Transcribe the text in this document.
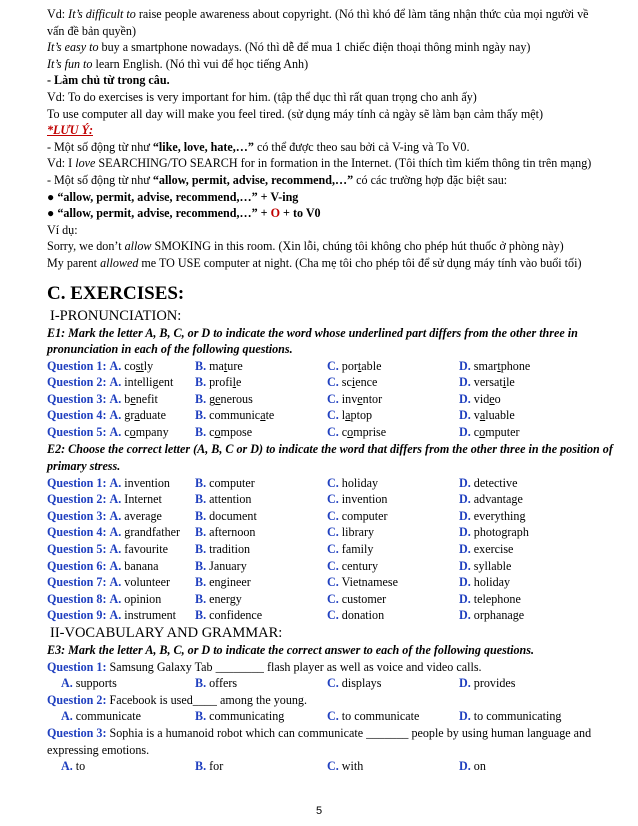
Vd: It’s difficult to raise people awareness about copyright. (Nó thì khó để làm tăng nhận thức của mọi người về
vấn đề bản quyền)
It’s easy to buy a smartphone nowadays. (Nó thì dễ để mua 1 chiếc điện thoại thông minh ngày nay)
It’s fun to learn English. (Nó thì vui để học tiếng Anh)
- Làm chủ từ trong câu.
Vd: To do exercises is very important for him. (tập thể dục thì rất quan trọng cho anh ấy)
To use computer all day will make you feel tired. (sử dụng máy tính cả ngày sẽ làm bạn cảm thấy mệt)
*LƯU Ý:
- Một số động từ như “like, love, hate,…” có thể được theo sau bởi cả V-ing và To V0.
Vd: I love SEARCHING/TO SEARCH for in formation in the Internet. (Tôi thích tìm kiếm thông tin trên mạng)
- Một số động từ như “allow, permit, advise, recommend,…” có các trường hợp đặc biệt sau:
● “allow, permit, advise, recommend,…” + V-ing
● “allow, permit, advise, recommend,…” + O + to V0
Ví dụ:
Sorry, we don’t allow SMOKING in this room. (Xin lỗi, chúng tôi không cho phép hút thuốc ở phòng này)
My parent allowed me TO USE computer at night. (Cha mẹ tôi cho phép tôi để sử dụng máy tính vào buổi tối)
C. EXERCISES:
I-PRONUNCIATION:
E1: Mark the letter A, B, C, or D to indicate the word whose underlined part differs from the other three in pronunciation in each of the following questions.
Question 1: A. costly	B. mature	C. portable	D. smartphone
Question 2: A. intelligent B. profile	C. science	D. versatile
Question 3: A. benefit	B. generous	C. inventor	D. video
Question 4: A. graduate B. communicate	C. laptop	D. valuable
Question 5: A. company B. compose	C. comprise	D. computer
E2: Choose the correct letter (A, B, C or D) to indicate the word that differs from the other three in the position of primary stress.
Question 1: A. invention B. computer	C. holiday	D. detective
Question 2: A. Internet	B. attention	C. invention	D. advantage
Question 3: A. average	B. document	C. computer	D. everything
Question 4: A. grandfather B. afternoon	C. library	D. photograph
Question 5: A. favourite B. tradition	C. family	D. exercise
Question 6: A. banana	B. January	C. century	D. syllable
Question 7: A. volunteer B. engineer	C. Vietnamese	D. holiday
Question 8: A. opinion	B. energy	C. customer	D. telephone
Question 9: A. instrument B. confidence	C. donation	D. orphanage
II-VOCABULARY AND GRAMMAR:
E3: Mark the letter A, B, C, or D to indicate the correct answer to each of the following questions.
Question 1: Samsung Galaxy Tab ________ flash player as well as voice and video calls.
A. supports	B. offers	C. displays	D. provides
Question 2: Facebook is used____ among the young.
A. communicate	B. communicating	C. to communicate	D. to communicating
Question 3: Sophia is a humanoid robot which can communicate _______ people by using human language and expressing emotions.
A. to	B. for	C. with	D. on
5
